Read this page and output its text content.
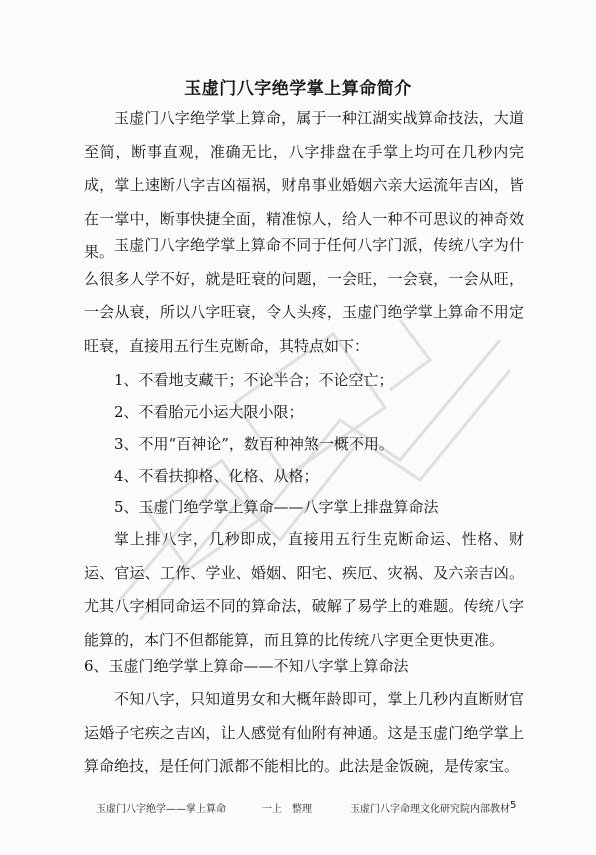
玉虚门八字绝学掌上算命简介

玉虚门八字绝学掌上算命，属于一种江湖实战算命技法，大道至简，断事直观，准确无比，八字排盘在手掌上均可在几秒内完成，掌上速断八字吉凶福祸，财帛事业婚姻六亲大运流年吉凶，皆在一掌中，断事快捷全面，精准惊人，给人一种不可思议的神奇效果。 玉虚门八字绝学掌上算命不同于任何八字门派，传统八字为什么很多人学不好，就是旺衰的问题，一会旺，一会衰，一会从旺，一会从衰，所以八字旺衰，令人头疼，玉虚门绝学掌上算命不用定旺衰，直接用五行生克断命，其特点如下：

1、不看地支藏干；不论半合；不论空亡；

2、不看胎元小运大限小限；

3、不用“百神论”，数百种神煞一概不用。

4、不看扶抑格、化格、从格；

5、玉虚门绝学掌上算命——八字掌上排盘算命法

掌上排八字，几秒即成，直接用五行生克断命运、性格、财运、官运、工作、学业、婚姻、阳宅、疾厄、灾祸、及六亲吉凶。尤其八字相同命运不同的算命法，破解了易学上的难题。传统八字能算的，本门不但都能算，而且算的比传统八字更全更快更准。

6、玉虚门绝学掌上算命——不知八字掌上算命法

不知八字，只知道男女和大概年龄即可，掌上几秒内直断财官运婚子宅疾之吉凶，让人感觉有仙附有神通。这是玉虚门绝学掌上算命绝技，是任何门派都不能相比的。此法是金饭碗，是传家宝。

玉虚门八字绝学——掌上算命	一上　整理	玉虚门八字命理文化研究院内部教材 5
